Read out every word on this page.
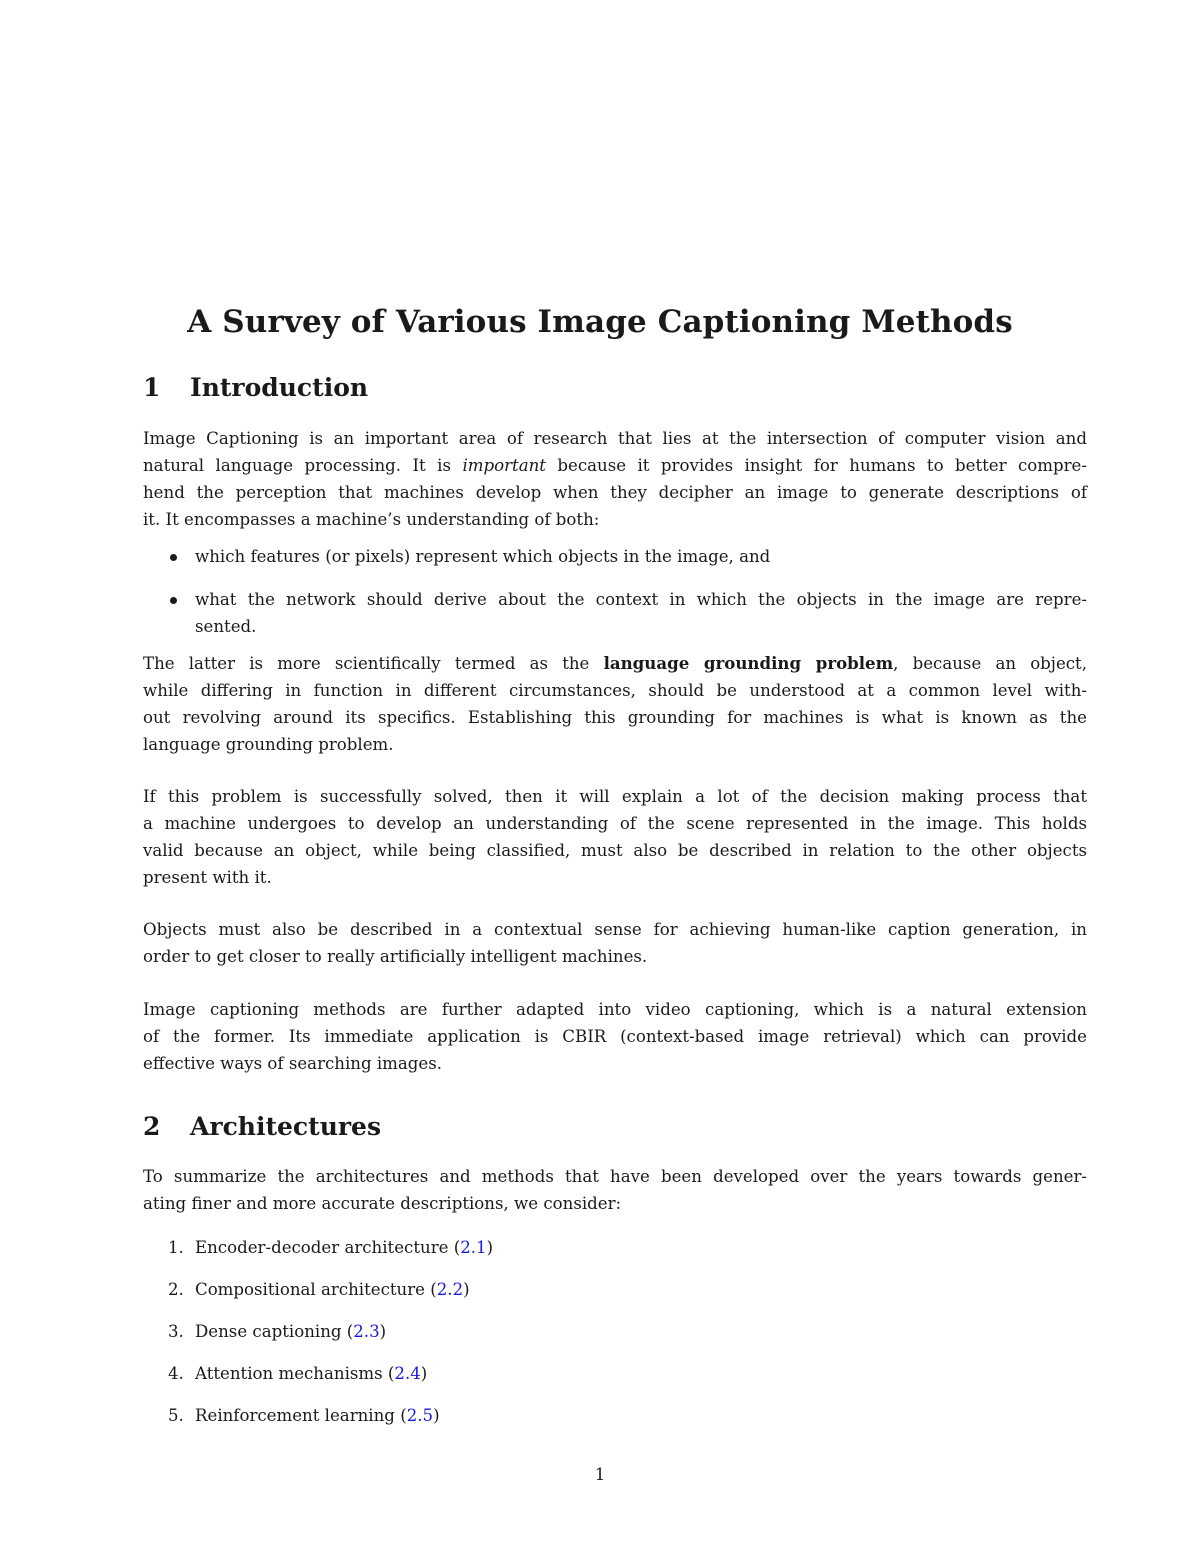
A Survey of Various Image Captioning Methods
1 Introduction
Image Captioning is an important area of research that lies at the intersection of computer vision and
natural language processing. It is important because it provides insight for humans to better compre-
hend the perception that machines develop when they decipher an image to generate descriptions of
it. It encompasses a machine’s understanding of both:
which features (or pixels) represent which objects in the image, and
what the network should derive about the context in which the objects in the image are repre-
sented.
The latter is more scientifically termed as the language grounding problem, because an object,
while differing in function in different circumstances, should be understood at a common level with-
out revolving around its specifics. Establishing this grounding for machines is what is known as the
language grounding problem.
If this problem is successfully solved, then it will explain a lot of the decision making process that
a machine undergoes to develop an understanding of the scene represented in the image. This holds
valid because an object, while being classified, must also be described in relation to the other objects
present with it.
Objects must also be described in a contextual sense for achieving human-like caption generation, in
order to get closer to really artificially intelligent machines.
Image captioning methods are further adapted into video captioning, which is a natural extension
of the former. Its immediate application is CBIR (context-based image retrieval) which can provide
effective ways of searching images.
2 Architectures
To summarize the architectures and methods that have been developed over the years towards gener-
ating finer and more accurate descriptions, we consider:
1. Encoder-decoder architecture (2.1)
2. Compositional architecture (2.2)
3. Dense captioning (2.3)
4. Attention mechanisms (2.4)
5. Reinforcement learning (2.5)
1
